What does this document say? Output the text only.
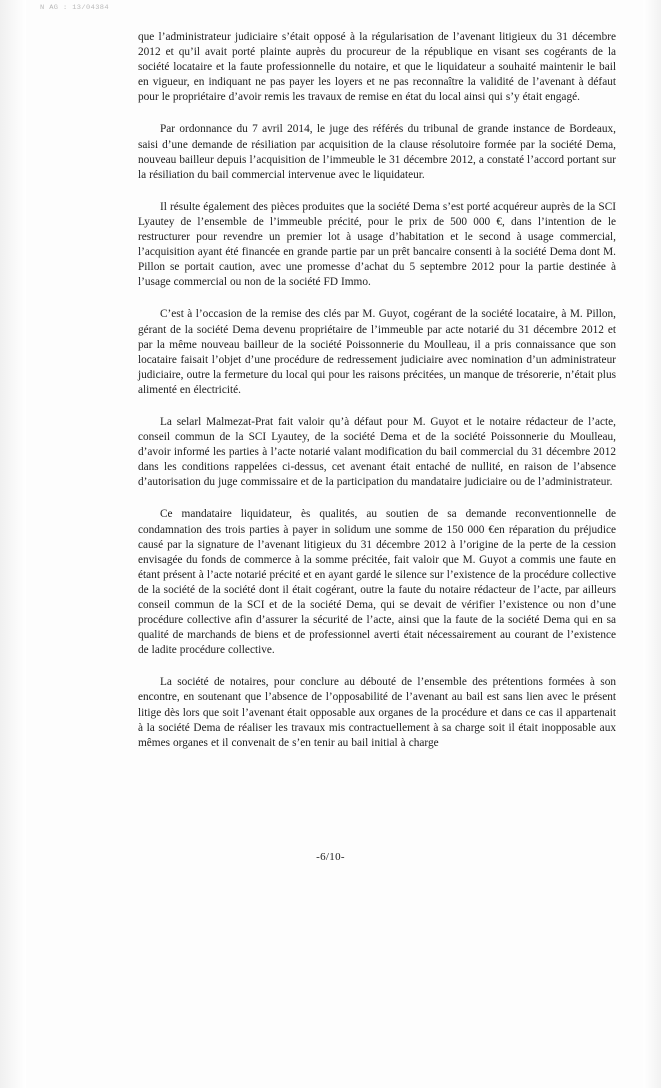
N AG : 13/04384

que l’administrateur judiciaire s’était opposé à la régularisation de l’avenant litigieux du 31 décembre 2012 et qu’il avait porté plainte auprès du procureur de la république en visant ses cogérants de la société locataire et la faute professionnelle du notaire, et que le liquidateur a souhaité maintenir le bail en vigueur, en indiquant ne pas payer les loyers et ne pas reconnaître la validité de l’avenant à défaut pour le propriétaire d’avoir remis les travaux de remise en état du local ainsi qui s’y était engagé.

Par ordonnance du 7 avril 2014, le juge des référés du tribunal de grande instance de Bordeaux, saisi d’une demande de résiliation par acquisition de la clause résolutoire formée par la société Dema, nouveau bailleur depuis l’acquisition de l’immeuble le 31 décembre 2012, a constaté l’accord portant sur la résiliation du bail commercial intervenue avec le liquidateur.

Il résulte également des pièces produites que la société Dema s’est porté acquéreur auprès de la SCI Lyautey de l’ensemble de l’immeuble précité, pour le prix de 500 000 €, dans l’intention de le restructurer pour revendre un premier lot à usage d’habitation et le second à usage commercial, l’acquisition ayant été financée en grande partie par un prêt bancaire consenti à la société Dema dont M. Pillon se portait caution, avec une promesse d’achat du 5 septembre 2012 pour la partie destinée à l’usage commercial ou non de la société FD Immo.

C’est à l’occasion de la remise des clés par M. Guyot, cogérant de la société locataire, à M. Pillon, gérant de la société Dema devenu propriétaire de l’immeuble par acte notarié du 31 décembre 2012 et par la même nouveau bailleur de la société Poissonnerie du Moulleau, il a pris connaissance que son locataire faisait l’objet d’une procédure de redressement judiciaire avec nomination d’un administrateur judiciaire, outre la fermeture du local qui pour les raisons précitées, un manque de trésorerie, n’était plus alimenté en électricité.

La selarl Malmezat-Prat fait valoir qu’à défaut pour M. Guyot et le notaire rédacteur de l’acte, conseil commun de la SCI Lyautey, de la société Dema et de la société Poissonnerie du Moulleau, d’avoir informé les parties à l’acte notarié valant modification du bail commercial du 31 décembre 2012 dans les conditions rappelées ci-dessus, cet avenant était entaché de nullité, en raison de l’absence d’autorisation du juge commissaire et de la participation du mandataire judiciaire ou de l’administrateur.

Ce mandataire liquidateur, ès qualités, au soutien de sa demande reconventionnelle de condamnation des trois parties à payer in solidum une somme de 150 000 €en réparation du préjudice causé par la signature de l’avenant litigieux du 31 décembre 2012 à l’origine de la perte de la cession envisagée du fonds de commerce à la somme précitée, fait valoir que M. Guyot a commis une faute en étant présent à l’acte notarié précité et en ayant gardé le silence sur l’existence de la procédure collective de la société de la société dont il était cogérant, outre la faute du notaire rédacteur de l’acte, par ailleurs conseil commun de la SCI et de la société Dema, qui se devait de vérifier l’existence ou non d’une procédure collective afin d’assurer la sécurité de l’acte, ainsi que la faute de la société Dema qui en sa qualité de marchands de biens et de professionnel averti était nécessairement au courant de l’existence de ladite procédure collective.

La société de notaires, pour conclure au débouté de l’ensemble des prétentions formées à son encontre, en soutenant que l’absence de l’opposabilité de l’avenant au bail est sans lien avec le présent litige dès lors que soit l’avenant était opposable aux organes de la procédure et dans ce cas il appartenait à la société Dema de réaliser les travaux mis contractuellement à sa charge soit il était inopposable aux mêmes organes et il convenait de s’en tenir au bail initial à charge

-6/10-
